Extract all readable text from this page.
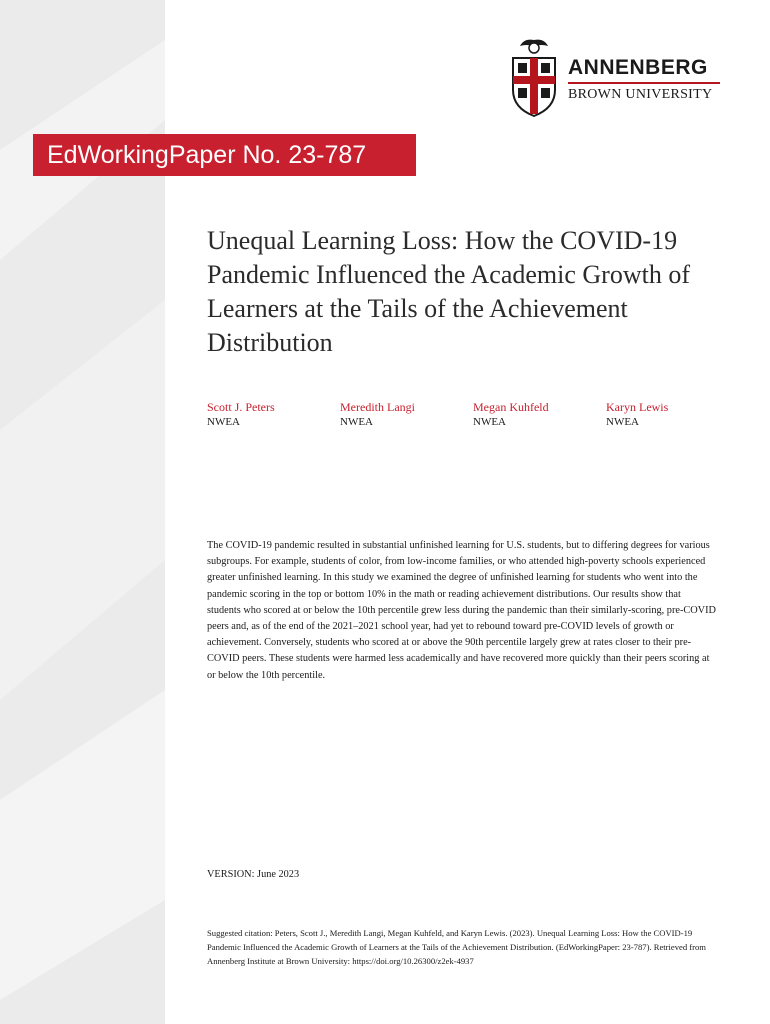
ANNENBERG
BROWN UNIVERSITY
EdWorkingPaper No. 23-787
Unequal Learning Loss: How the COVID-19 Pandemic Influenced the Academic Growth of Learners at the Tails of the Achievement Distribution
Scott J. Peters
NWEA
Meredith Langi
NWEA
Megan Kuhfeld
NWEA
Karyn Lewis
NWEA

The COVID-19 pandemic resulted in substantial unfinished learning for U.S. students, but to differing degrees for various subgroups. For example, students of color, from low-income families, or who attended high-poverty schools experienced greater unfinished learning. In this study we examined the degree of unfinished learning for students who went into the pandemic scoring in the top or bottom 10% in the math or reading achievement distributions. Our results show that students who scored at or below the 10th percentile grew less during the pandemic than their similarly-scoring, pre-COVID peers and, as of the end of the 2021–2021 school year, had yet to rebound toward pre-COVID levels of growth or achievement. Conversely, students who scored at or above the 90th percentile largely grew at rates closer to their pre-COVID peers. These students were harmed less academically and have recovered more quickly than their peers scoring at or below the 10th percentile.

VERSION: June 2023

Suggested citation: Peters, Scott J., Meredith Langi, Megan Kuhfeld, and Karyn Lewis. (2023). Unequal Learning Loss: How the COVID-19 Pandemic Influenced the Academic Growth of Learners at the Tails of the Achievement Distribution. (EdWorkingPaper: 23-787). Retrieved from Annenberg Institute at Brown University: https://doi.org/10.26300/z2ek-4937
